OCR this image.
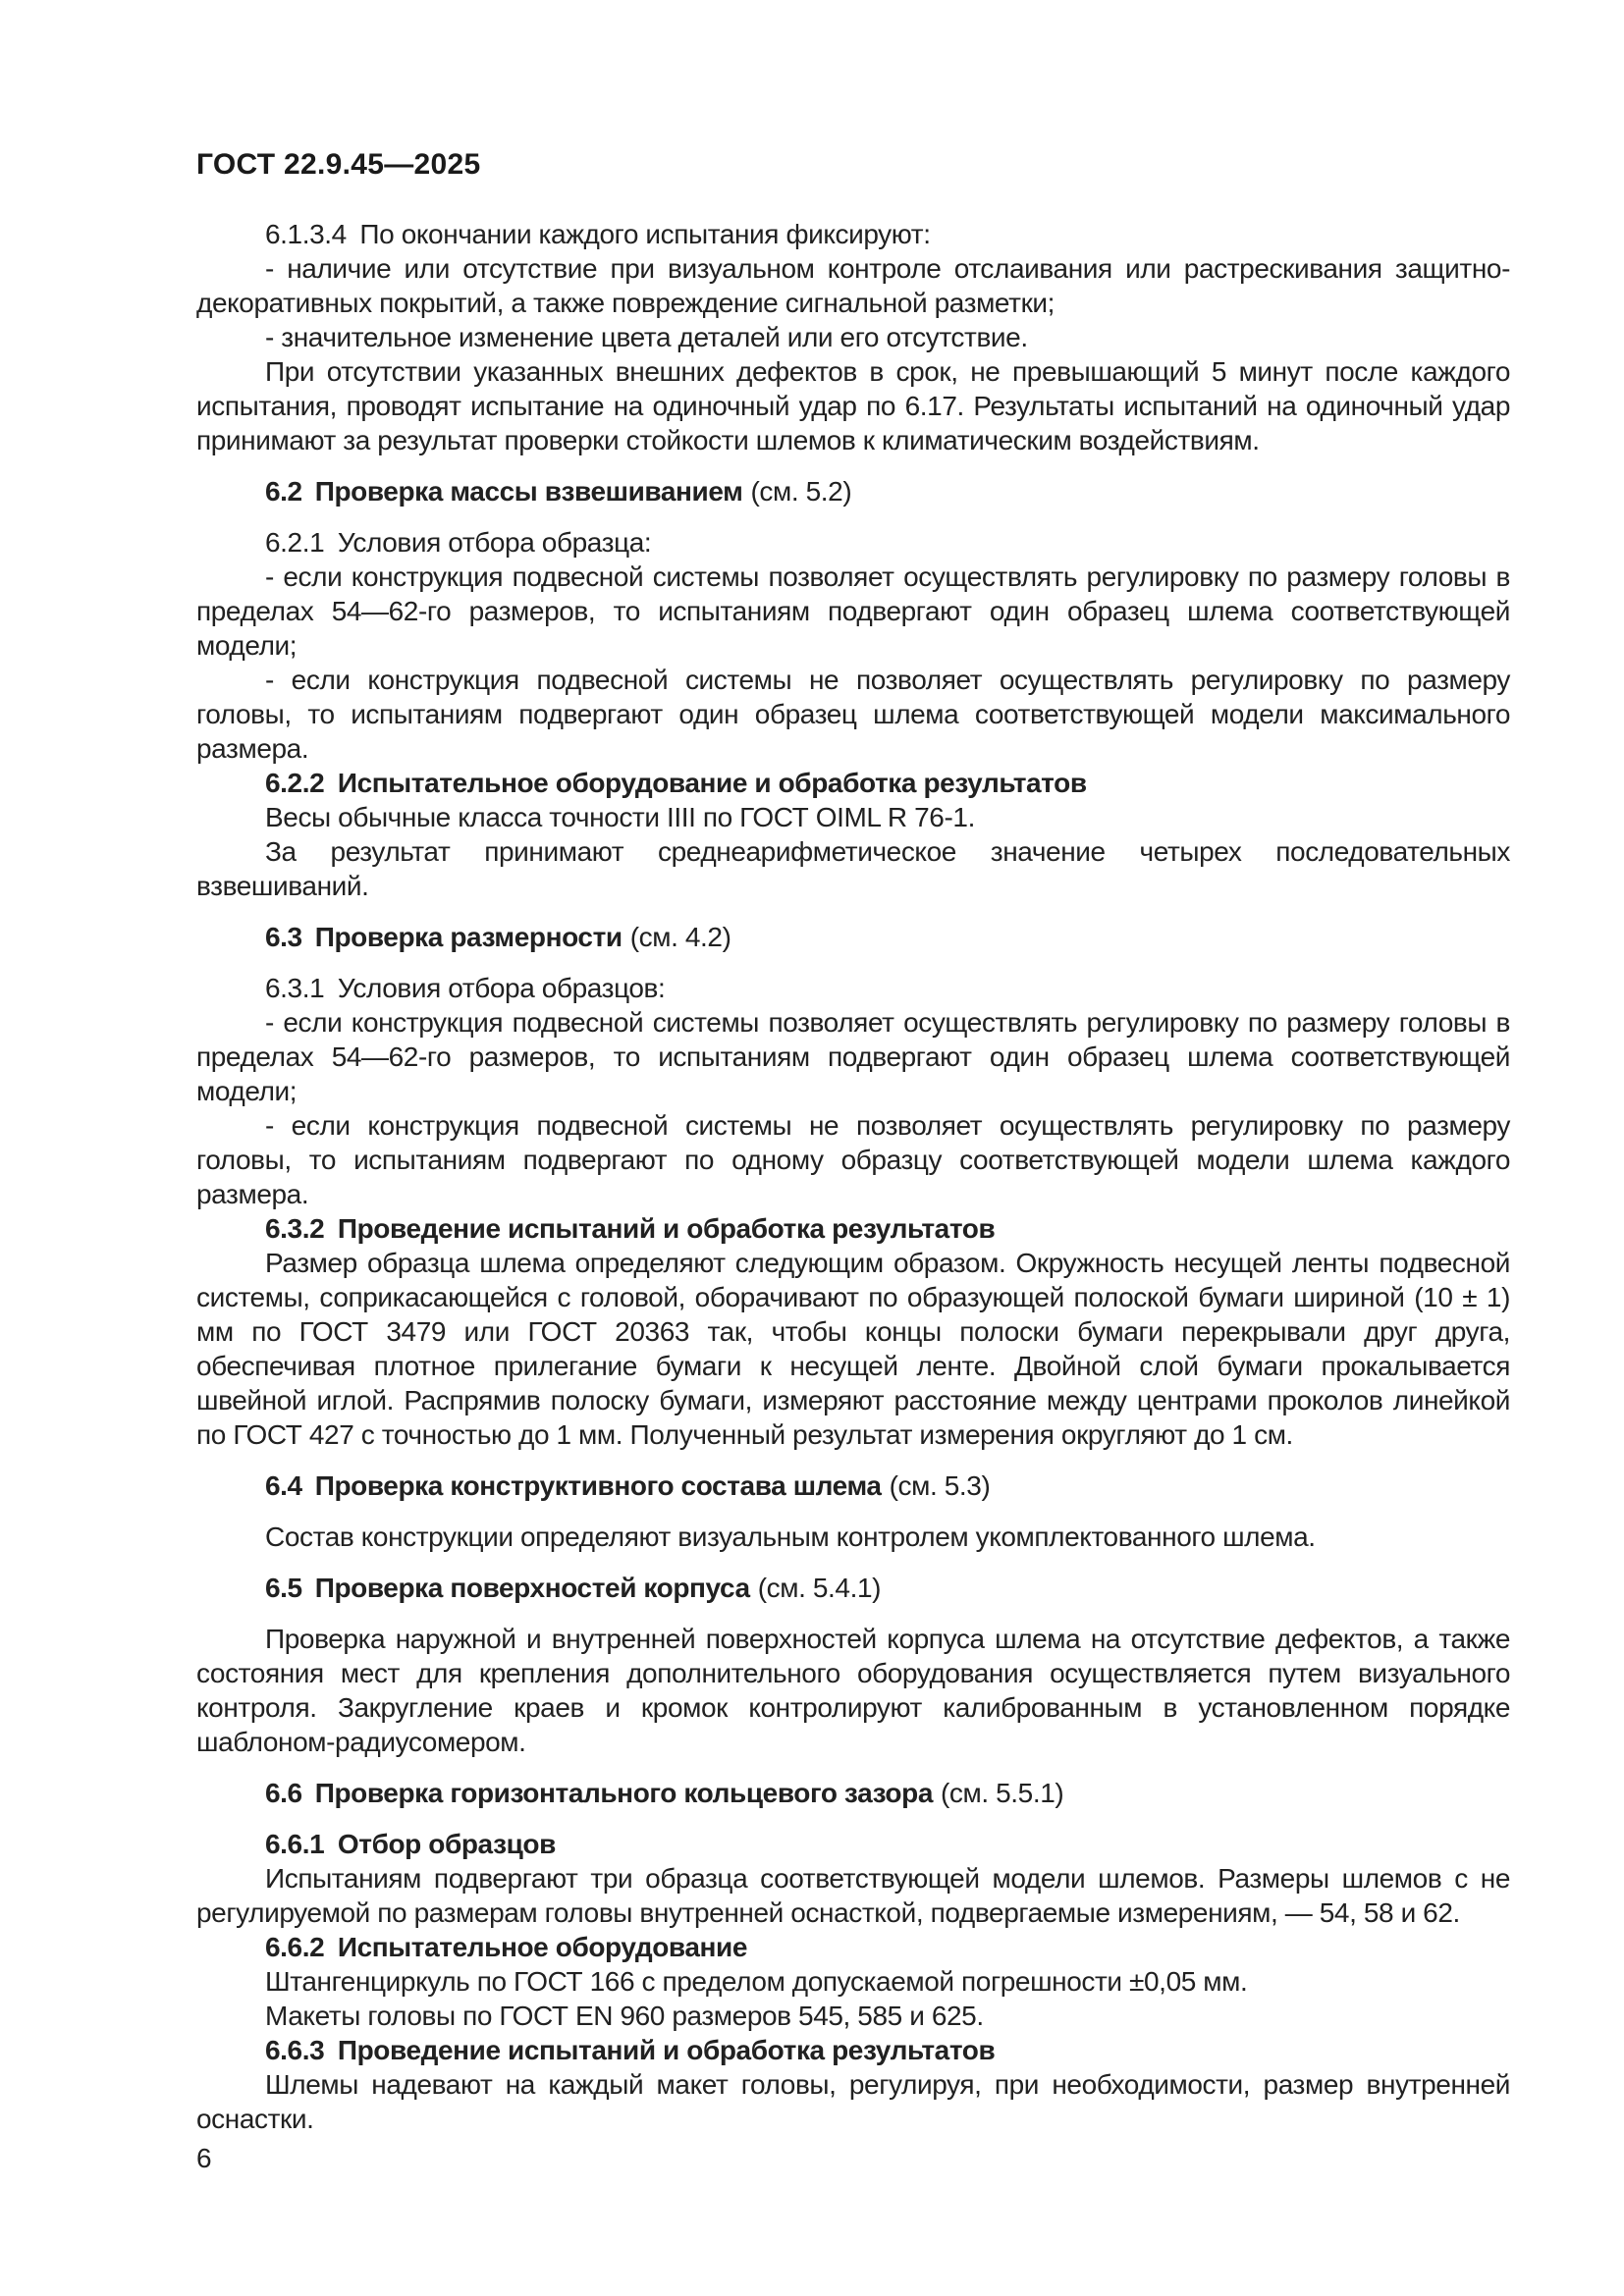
ГОСТ 22.9.45—2025

6.1.3.4 По окончании каждого испытания фиксируют:

- наличие или отсутствие при визуальном контроле отслаивания или растрескивания защитно-декоративных покрытий, а также повреждение сигнальной разметки;

- значительное изменение цвета деталей или его отсутствие.

При отсутствии указанных внешних дефектов в срок, не превышающий 5 минут после каждого испытания, проводят испытание на одиночный удар по 6.17. Результаты испытаний на одиночный удар принимают за результат проверки стойкости шлемов к климатическим воздействиям.

6.2 Проверка массы взвешиванием (см. 5.2)

6.2.1 Условия отбора образца:

- если конструкция подвесной системы позволяет осуществлять регулировку по размеру головы в пределах 54—62-го размеров, то испытаниям подвергают один образец шлема соответствующей модели;

- если конструкция подвесной системы не позволяет осуществлять регулировку по размеру головы, то испытаниям подвергают один образец шлема соответствующей модели максимального размера.

6.2.2 Испытательное оборудование и обработка результатов

Весы обычные класса точности IIII по ГОСТ OIML R 76-1.

За результат принимают среднеарифметическое значение четырех последовательных взвешиваний.

6.3 Проверка размерности (см. 4.2)

6.3.1 Условия отбора образцов:

- если конструкция подвесной системы позволяет осуществлять регулировку по размеру головы в пределах 54—62-го размеров, то испытаниям подвергают один образец шлема соответствующей модели;

- если конструкция подвесной системы не позволяет осуществлять регулировку по размеру головы, то испытаниям подвергают по одному образцу соответствующей модели шлема каждого размера.

6.3.2 Проведение испытаний и обработка результатов

Размер образца шлема определяют следующим образом. Окружность несущей ленты подвесной системы, соприкасающейся с головой, оборачивают по образующей полоской бумаги шириной (10 ± 1) мм по ГОСТ 3479 или ГОСТ 20363 так, чтобы концы полоски бумаги перекрывали друг друга, обеспечивая плотное прилегание бумаги к несущей ленте. Двойной слой бумаги прокалывается швейной иглой. Распрямив полоску бумаги, измеряют расстояние между центрами проколов линейкой по ГОСТ 427 с точностью до 1 мм. Полученный результат измерения округляют до 1 см.

6.4 Проверка конструктивного состава шлема (см. 5.3)

Состав конструкции определяют визуальным контролем укомплектованного шлема.

6.5 Проверка поверхностей корпуса (см. 5.4.1)

Проверка наружной и внутренней поверхностей корпуса шлема на отсутствие дефектов, а также состояния мест для крепления дополнительного оборудования осуществляется путем визуального контроля. Закругление краев и кромок контролируют калиброванным в установленном порядке шаблоном-радиусомером.

6.6 Проверка горизонтального кольцевого зазора (см. 5.5.1)

6.6.1 Отбор образцов

Испытаниям подвергают три образца соответствующей модели шлемов. Размеры шлемов с не регулируемой по размерам головы внутренней оснасткой, подвергаемые измерениям, — 54, 58 и 62.

6.6.2 Испытательное оборудование

Штангенциркуль по ГОСТ 166 с пределом допускаемой погрешности ±0,05 мм.

Макеты головы по ГОСТ EN 960 размеров 545, 585 и 625.

6.6.3 Проведение испытаний и обработка результатов

Шлемы надевают на каждый макет головы, регулируя, при необходимости, размер внутренней оснастки.

6
